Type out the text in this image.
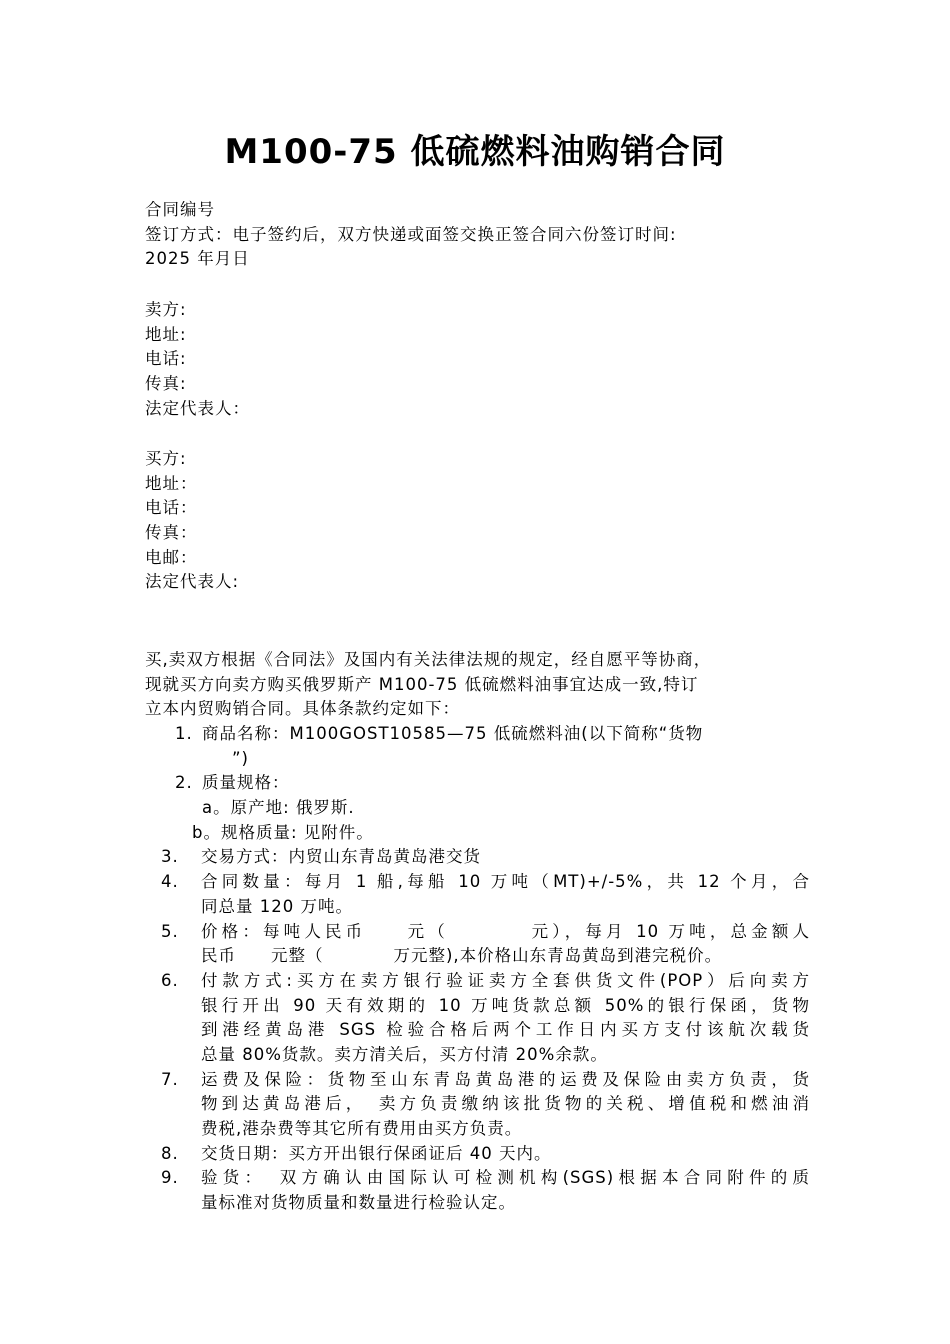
M100-75 低硫燃料油购销合同
合同编号
签订方式：电子签约后，双方快递或面签交换正签合同六份签订时间:
2025 年月日
卖方:
地址:
电话:
传真:
法定代表人：
买方:
地址：
电话：
传真：
电邮：
法定代表人:
买,卖双方根据《合同法》及国内有关法律法规的规定，经自愿平等协商，
现就买方向卖方购买俄罗斯产 M100-75 低硫燃料油事宜达成一致,特订
立本内贸购销合同。具体条款约定如下：
1. 商品名称：M100GOST10585—75 低硫燃料油(以下简称“货物
”)
2. 质量规格：
a。原产地: 俄罗斯.
b。规格质量: 见附件。
3. 交易方式：内贸山东青岛黄岛港交货
4. 合同数量：每月 1 船,每船 10 万吨（MT)+/-5%，共 12 个月，合
同总量 120 万吨。
5. 价格：每吨人民币　　元（　　　　元），每月 10 万吨，总金额人
民币　　元整（　　　　万元整),本价格山东青岛黄岛到港完税价。
6. 付款方式:买方在卖方银行验证卖方全套供货文件(POP）后向卖方
银行开出 90 天有效期的 10 万吨货款总额 50%的银行保函，货物
到港经黄岛港 SGS 检验合格后两个工作日内买方支付该航次载货
总量 80%货款。卖方清关后，买方付清 20%余款。
7. 运费及保险：货物至山东青岛黄岛港的运费及保险由卖方负责，货
物到达黄岛港后，　卖方负责缴纳该批货物的关税、增值税和燃油消
费税,港杂费等其它所有费用由买方负责。
8. 交货日期：买方开出银行保函证后 40 天内。
9. 验货：　双方确认由国际认可检测机构(SGS)根据本合同附件的质
量标准对货物质量和数量进行检验认定。
